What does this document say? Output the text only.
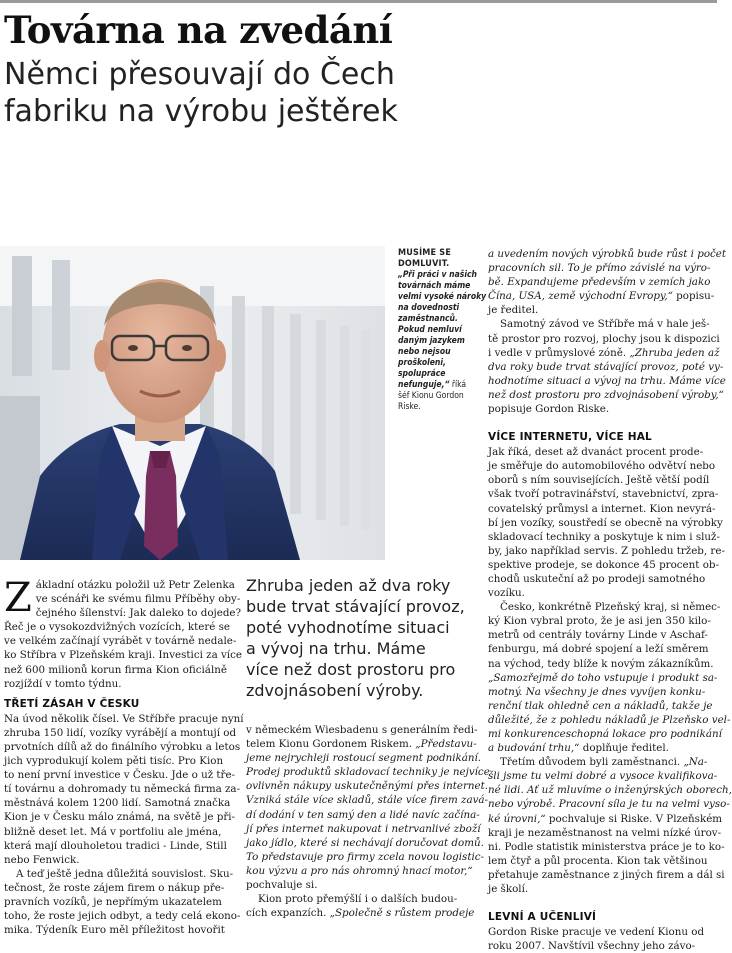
Továrna na zvedání
Němci přesouvají do Čech
fabriku na výrobu ještěrek
MUSÍME SE
DOMLUVIT.
„Při práci v našich
továrnách máme
velmi vysoké nároky
na dovednosti
zaměstnanců.
Pokud nemluví
daným jazykem
nebo nejsou
proškoleni,
spolupráce
nefunguje,“ říká
šéf Kionu Gordon
Riske.

Z ákladní otázku položil už Petr Zelenka
ve scénáři ke svému filmu Příběhy oby-
čejného šílenství: Jak daleko to dojede?
Řeč je o vysokozdvižných vozících, které se
ve velkém začínají vyrábět v továrně nedale-
ko Stříbra v Plzeňském kraji. Investici za více
než 600 milionů korun firma Kion oficiálně
rozjíždí v tomto týdnu.

TŘETÍ ZÁSAH V ČESKU

Na úvod několik čísel. Ve Stříbře pracuje nyní
zhruba 150 lidí, vozíky vyrábějí a montují od
prvotních dílů až do finálního výrobku a letos
jich vyprodukují kolem pěti tisíc. Pro Kion
to není první investice v Česku. Jde o už tře-
tí továrnu a dohromady tu německá firma za-
městnává kolem 1200 lidí. Samotná značka
Kion je v Česku málo známá, na světě je při-
bližně deset let. Má v portfoliu ale jména,
která mají dlouholetou tradici - Linde, Still
nebo Fenwick.

A teď ještě jedna důležitá souvislost. Sku-
tečnost, že roste zájem firem o nákup pře-
pravních vozíků, je nepřímým ukazatelem
toho, že roste jejich odbyt, a tedy celá ekono-
mika. Týdeník Euro měl příležitost hovořit

Zhruba jeden až dva roky
bude trvat stávající provoz,
poté vyhodnotíme situaci
a vývoj na trhu. Máme
více než dost prostoru pro
zdvojnásobení výroby.

v německém Wiesbadenu s generálním ředi-
telem Kionu Gordonem Riskem. „Představu-
jeme nejrychleji rostoucí segment podnikání.
Prodej produktů skladovací techniky je nejvíce
ovlivněn nákupy uskutečněnými přes internet.
Vzniká stále více skladů, stále více firem zavá-
dí dodání v ten samý den a lidé navíc začína-
jí přes internet nakupovat i netrvanlivé zboží
jako jídlo, které si nechávají doručovat domů.
To představuje pro firmy zcela novou logistic-
kou výzvu a pro nás ohromný hnací motor,“
pochvaluje si.

Kion proto přemýšlí i o dalších budou-
cích expanzích. „Společně s růstem prodeje

a uvedením nových výrobků bude růst i počet
pracovních sil. To je přímo závislé na výro-
bě. Expandujeme především v zemích jako
Čína, USA, země východní Evropy,“ popisu-
je ředitel.

Samotný závod ve Stříbře má v hale ješ-
tě prostor pro rozvoj, plochy jsou k dispozici
i vedle v průmyslové zóně. „Zhruba jeden až
dva roky bude trvat stávající provoz, poté vy-
hodnotíme situaci a vývoj na trhu. Máme více
než dost prostoru pro zdvojnásobení výroby,“
popisuje Gordon Riske.

VÍCE INTERNETU, VÍCE HAL

Jak říká, deset až dvanáct procent prode-
je směřuje do automobilového odvětví nebo
oborů s ním souvisejících. Ještě větší podíl
však tvoří potravinářství, stavebnictví, zpra-
covatelský průmysl a internet. Kion nevyrá-
bí jen vozíky, soustředí se obecně na výrobky
skladovací techniky a poskytuje k nim i služ-
by, jako například servis. Z pohledu tržeb, re-
spektive prodeje, se dokonce 45 procent ob-
chodů uskuteční až po prodeji samotného
vozíku.

Česko, konkrétně Plzeňský kraj, si němec-
ký Kion vybral proto, že je asi jen 350 kilo-
metrů od centrály továrny Linde v Aschaf-
fenburgu, má dobré spojení a leží směrem
na východ, tedy blíže k novým zákazníkům.
„Samozřejmě do toho vstupuje i produkt sa-
motný. Na všechny je dnes vyvíjen konku-
renční tlak ohledně cen a nákladů, takže je
důležité, že z pohledu nákladů je Plzeňsko vel-
mi konkurenceschopná lokace pro podnikání
a budování trhu,“ doplňuje ředitel.

Třetím důvodem byli zaměstnanci. „Na-
šli jsme tu velmi dobré a vysoce kvalifikova-
né lidi. Ať už mluvíme o inženýrských oborech,
nebo výrobě. Pracovní síla je tu na velmi vyso-
ké úrovni,“ pochvaluje si Riske. V Plzeňském
kraji je nezaměstnanost na velmi nízké úrov-
ni. Podle statistik ministerstva práce je to ko-
lem čtyř a půl procenta. Kion tak většinou
přetahuje zaměstnance z jiných firem a dál si
je školí.

LEVNÍ A UČENLIVÍ

Gordon Riske pracuje ve vedení Kionu od
roku 2007. Navštívil všechny jeho závo-
